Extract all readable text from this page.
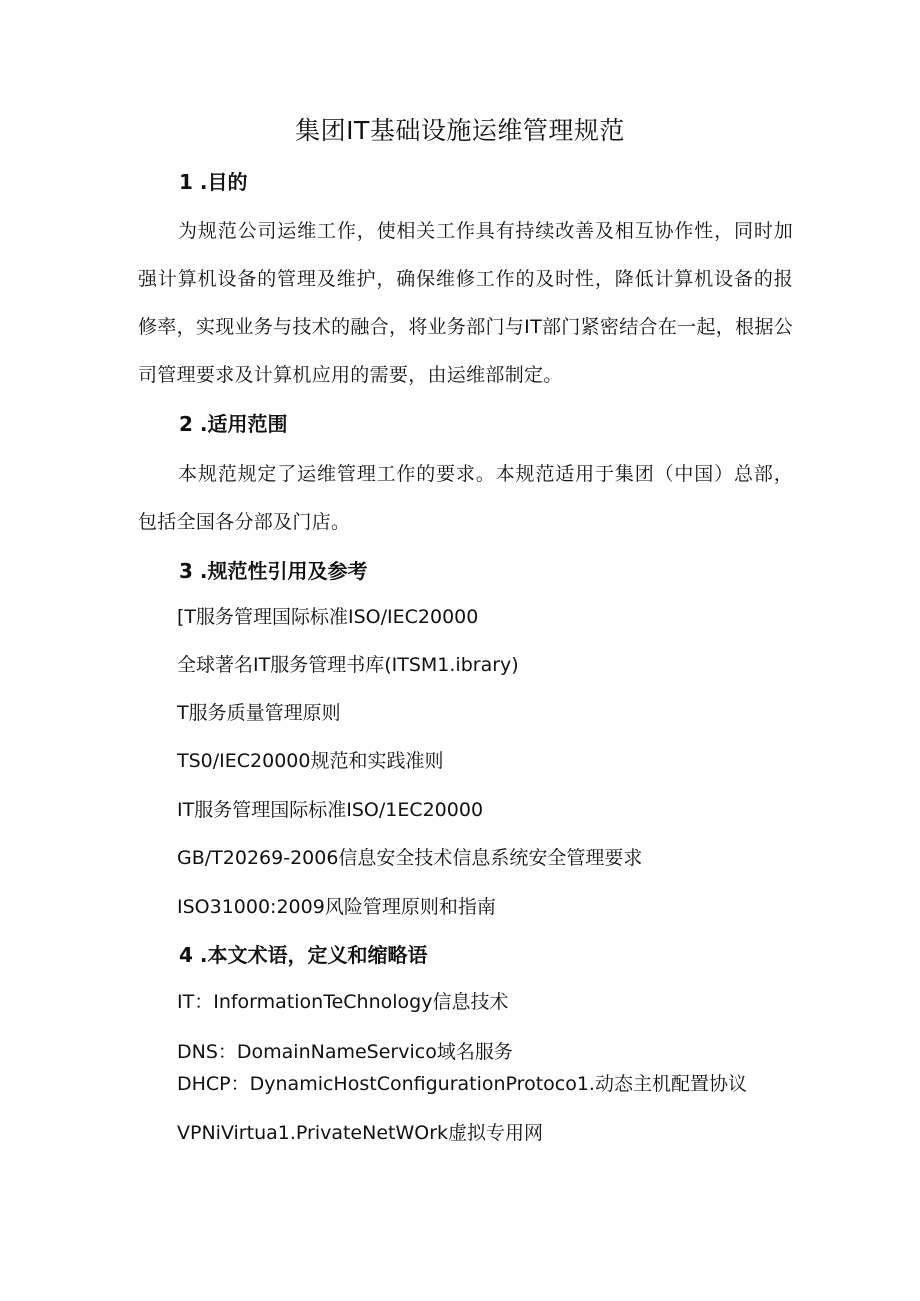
集团IT基础设施运维管理规范
1 .目的
为规范公司运维工作，使相关工作具有持续改善及相互协作性，同时加强计算机设备的管理及维护，确保维修工作的及时性，降低计算机设备的报修率，实现业务与技术的融合，将业务部门与IT部门紧密结合在一起，根据公司管理要求及计算机应用的需要，由运维部制定。
2 .适用范围
本规范规定了运维管理工作的要求。本规范适用于集团（中国）总部，包括全国各分部及门店。
3 .规范性引用及参考
[T服务管理国际标准ISO/IEC20000
全球著名IT服务管理书库(ITSM1.ibrary)
T服务质量管理原则
TS0/IEC20000规范和实践准则
IT服务管理国际标准ISO/1EC20000
GB/T20269-2006信息安全技术信息系统安全管理要求
ISO31000:2009风险管理原则和指南
4 .本文术语，定义和缩略语
IT：InformationTeChnology信息技术
DNS：DomainNameServico域名服务
DHCP：DynamicHostConfigurationProtoco1.动态主机配置协议
VPNiVirtua1.PrivateNetWOrk虚拟专用网
